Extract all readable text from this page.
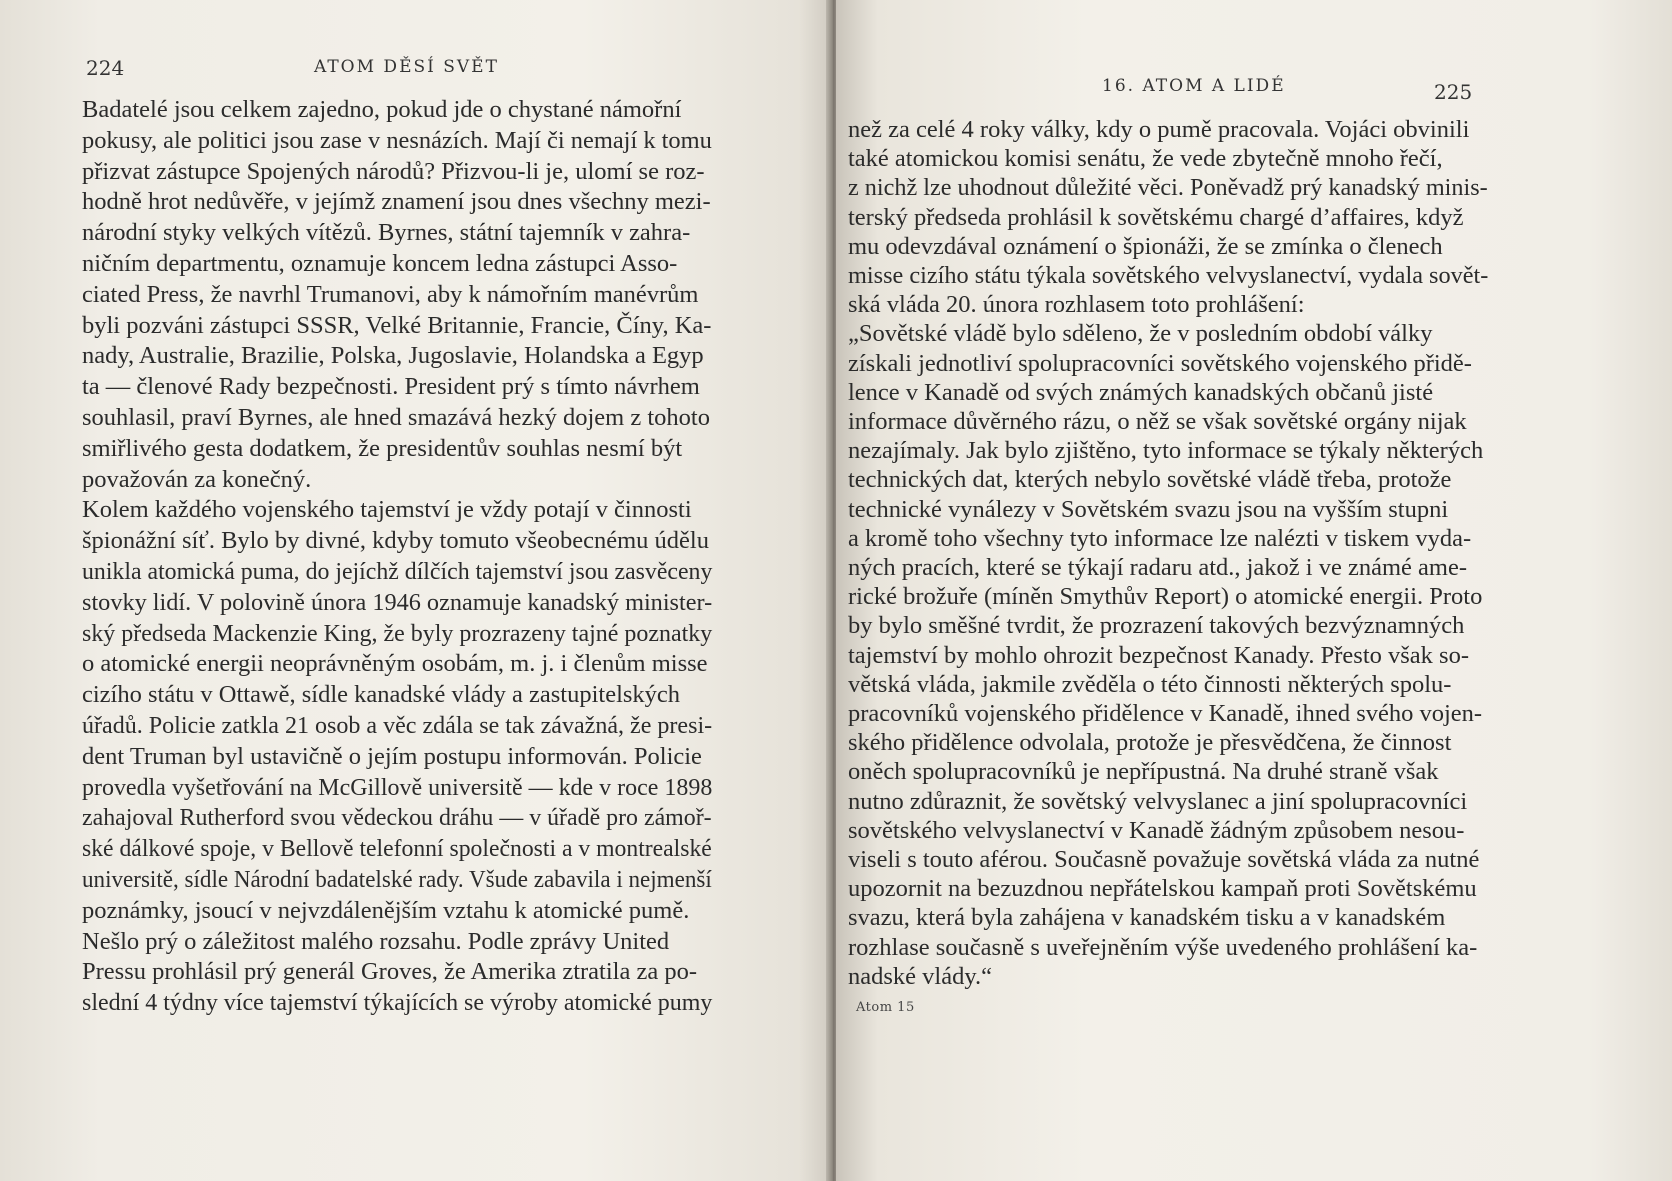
224	ATOM DĚSÍ SVĚT
Badatelé jsou celkem zajedno, pokud jde o chystané námořní
pokusy, ale politici jsou zase v nesnázích. Mají či nemají k tomu
přizvat zástupce Spojených národů? Přizvou-li je, ulomí se roz-
hodně hrot nedůvěře, v jejímž znamení jsou dnes všechny mezi-
národní styky velkých vítězů. Byrnes, státní tajemník v zahra-
ničním departmentu, oznamuje koncem ledna zástupci Asso-
ciated Press, že navrhl Trumanovi, aby k námořním manévrům
byli pozváni zástupci SSSR, Velké Britannie, Francie, Číny, Ka-
nady, Australie, Brazilie, Polska, Jugoslavie, Holandska a Egyp
ta — členové Rady bezpečnosti. President prý s tímto návrhem
souhlasil, praví Byrnes, ale hned smazává hezký dojem z tohoto
smiřlivého gesta dodatkem, že presidentův souhlas nesmí být
považován za konečný.
Kolem každého vojenského tajemství je vždy potají v činnosti
špionážní síť. Bylo by divné, kdyby tomuto všeobecnému údělu
unikla atomická puma, do jejíchž dílčích tajemství jsou zasvěceny
stovky lidí. V polovině února 1946 oznamuje kanadský minister-
ský předseda Mackenzie King, že byly prozrazeny tajné poznatky
o atomické energii neoprávněným osobám, m. j. i členům misse
cizího státu v Ottawě, sídle kanadské vlády a zastupitelských
úřadů. Policie zatkla 21 osob a věc zdála se tak závažná, že presi-
dent Truman byl ustavičně o jejím postupu informován. Policie
provedla vyšetřování na McGillově universitě — kde v roce 1898
zahajoval Rutherford svou vědeckou dráhu — v úřadě pro zámoř-
ské dálkové spoje, v Bellově telefonní společnosti a v montrealské
universitě, sídle Národní badatelské rady. Všude zabavila i nejmenší
poznámky, jsoucí v nejvzdálenějším vztahu k atomické pumě.
Nešlo prý o záležitost malého rozsahu. Podle zprávy United
Pressu prohlásil prý generál Groves, že Amerika ztratila za po-
slední 4 týdny více tajemství týkajících se výroby atomické pumy
16. ATOM A LIDÉ	225
než za celé 4 roky války, kdy o pumě pracovala. Vojáci obvinili
také atomickou komisi senátu, že vede zbytečně mnoho řečí,
z nichž lze uhodnout důležité věci. Poněvadž prý kanadský minis-
terský předseda prohlásil k sovětskému chargé d’affaires, když
mu odevzdával oznámení o špionáži, že se zmínka o členech
misse cizího státu týkala sovětského velvyslanectví, vydala sovět-
ská vláda 20. února rozhlasem toto prohlášení:
„Sovětské vládě bylo sděleno, že v posledním období války
získali jednotliví spolupracovníci sovětského vojenského přidě-
lence v Kanadě od svých známých kanadských občanů jisté
informace důvěrného rázu, o něž se však sovětské orgány nijak
nezajímaly. Jak bylo zjištěno, tyto informace se týkaly některých
technických dat, kterých nebylo sovětské vládě třeba, protože
technické vynálezy v Sovětském svazu jsou na vyšším stupni
a kromě toho všechny tyto informace lze nalézti v tiskem vyda-
ných pracích, které se týkají radaru atd., jakož i ve známé ame-
rické brožuře (míněn Smythův Report) o atomické energii. Proto
by bylo směšné tvrdit, že prozrazení takových bezvýznamných
tajemství by mohlo ohrozit bezpečnost Kanady. Přesto však so-
větská vláda, jakmile zvěděla o této činnosti některých spolu-
pracovníků vojenského přidělence v Kanadě, ihned svého vojen-
ského přidělence odvolala, protože je přesvědčena, že činnost
oněch spolupracovníků je nepřípustná. Na druhé straně však
nutno zdůraznit, že sovětský velvyslanec a jiní spolupracovníci
sovětského velvyslanectví v Kanadě žádným způsobem nesou-
viseli s touto aférou. Současně považuje sovětská vláda za nutné
upozornit na bezuzdnou nepřátelskou kampaň proti Sovětskému
svazu, která byla zahájena v kanadském tisku a v kanadském
rozhlase současně s uveřejněním výše uvedeného prohlášení ka-
nadské vlády.“
Atom 15
